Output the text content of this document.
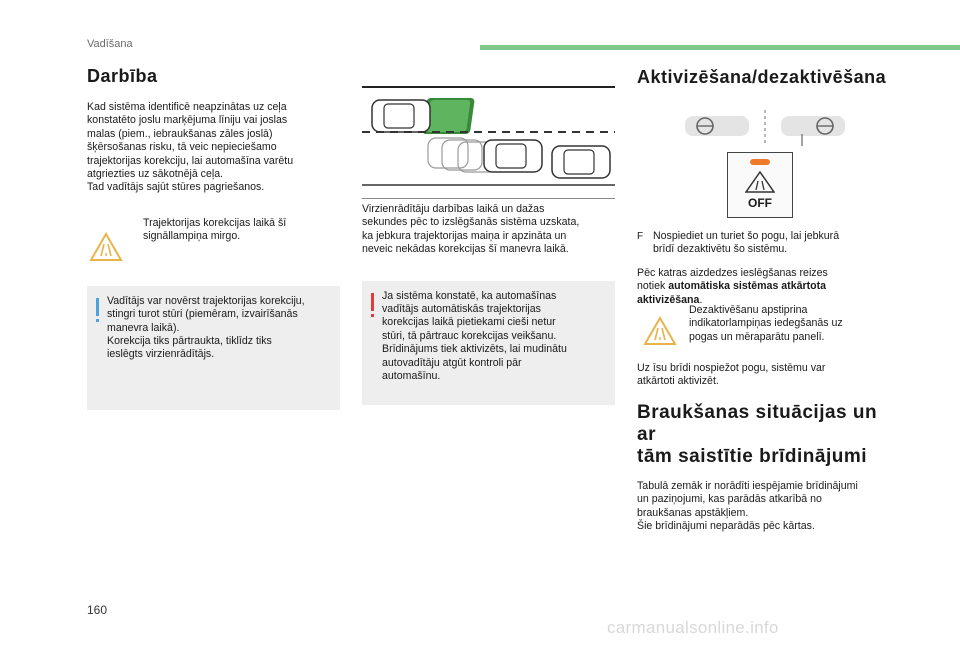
Vadīšana
Darbība

Kad sistēma identificē neapzinātas uz ceļa
konstatēto joslu marķējuma līniju vai joslas
malas (piem., iebraukšanas zāles joslā)
šķērsošanas risku, tā veic nepieciešamo
trajektorijas korekciju, lai automašīna varētu
atgriezties uz sākotnējā ceļa.
Tad vadītājs sajūt stūres pagriešanos.

Trajektorijas korekcijas laikā šī
signāllampiņa mirgo.

Vadītājs var novērst trajektorijas korekciju,
stingri turot stūri (piemēram, izvairīšanās
manevra laikā).
Korekcija tiks pārtraukta, tiklīdz tiks
ieslēgts virzienrādītājs.

Virzienrādītāju darbības laikā un dažas
sekundes pēc to izslēgšanās sistēma uzskata,
ka jebkura trajektorijas maiņa ir apzināta un
neveic nekādas korekcijas šī manevra laikā.

Ja sistēma konstatē, ka automašīnas
vadītājs automātiskās trajektorijas
korekcijas laikā pietiekami cieši netur
stūri, tā pārtrauc korekcijas veikšanu.
Brīdinājums tiek aktivizēts, lai mudinātu
autovadītāju atgūt kontroli pār
automašīnu.

Aktivizēšana/dezaktivēšana
OFF
F Nospiediet un turiet šo pogu, lai jebkurā
brīdī dezaktivētu šo sistēmu.

Pēc katras aizdedzes ieslēgšanas reizes
notiek automātiska sistēmas atkārtota
aktivizēšana.

Dezaktivēšanu apstiprina
indikatorlampiņas iedegšanās uz
pogas un mēraparātu panelī.

Uz īsu brīdi nospiežot pogu, sistēmu var
atkārtoti aktivizēt.

Braukšanas situācijas un ar
tām saistītie brīdinājumi

Tabulā zemāk ir norādīti iespējamie brīdinājumi
un paziņojumi, kas parādās atkarībā no
braukšanas apstākļiem.
Šie brīdinājumi neparādās pēc kārtas.

160
carmanualsonline.info
